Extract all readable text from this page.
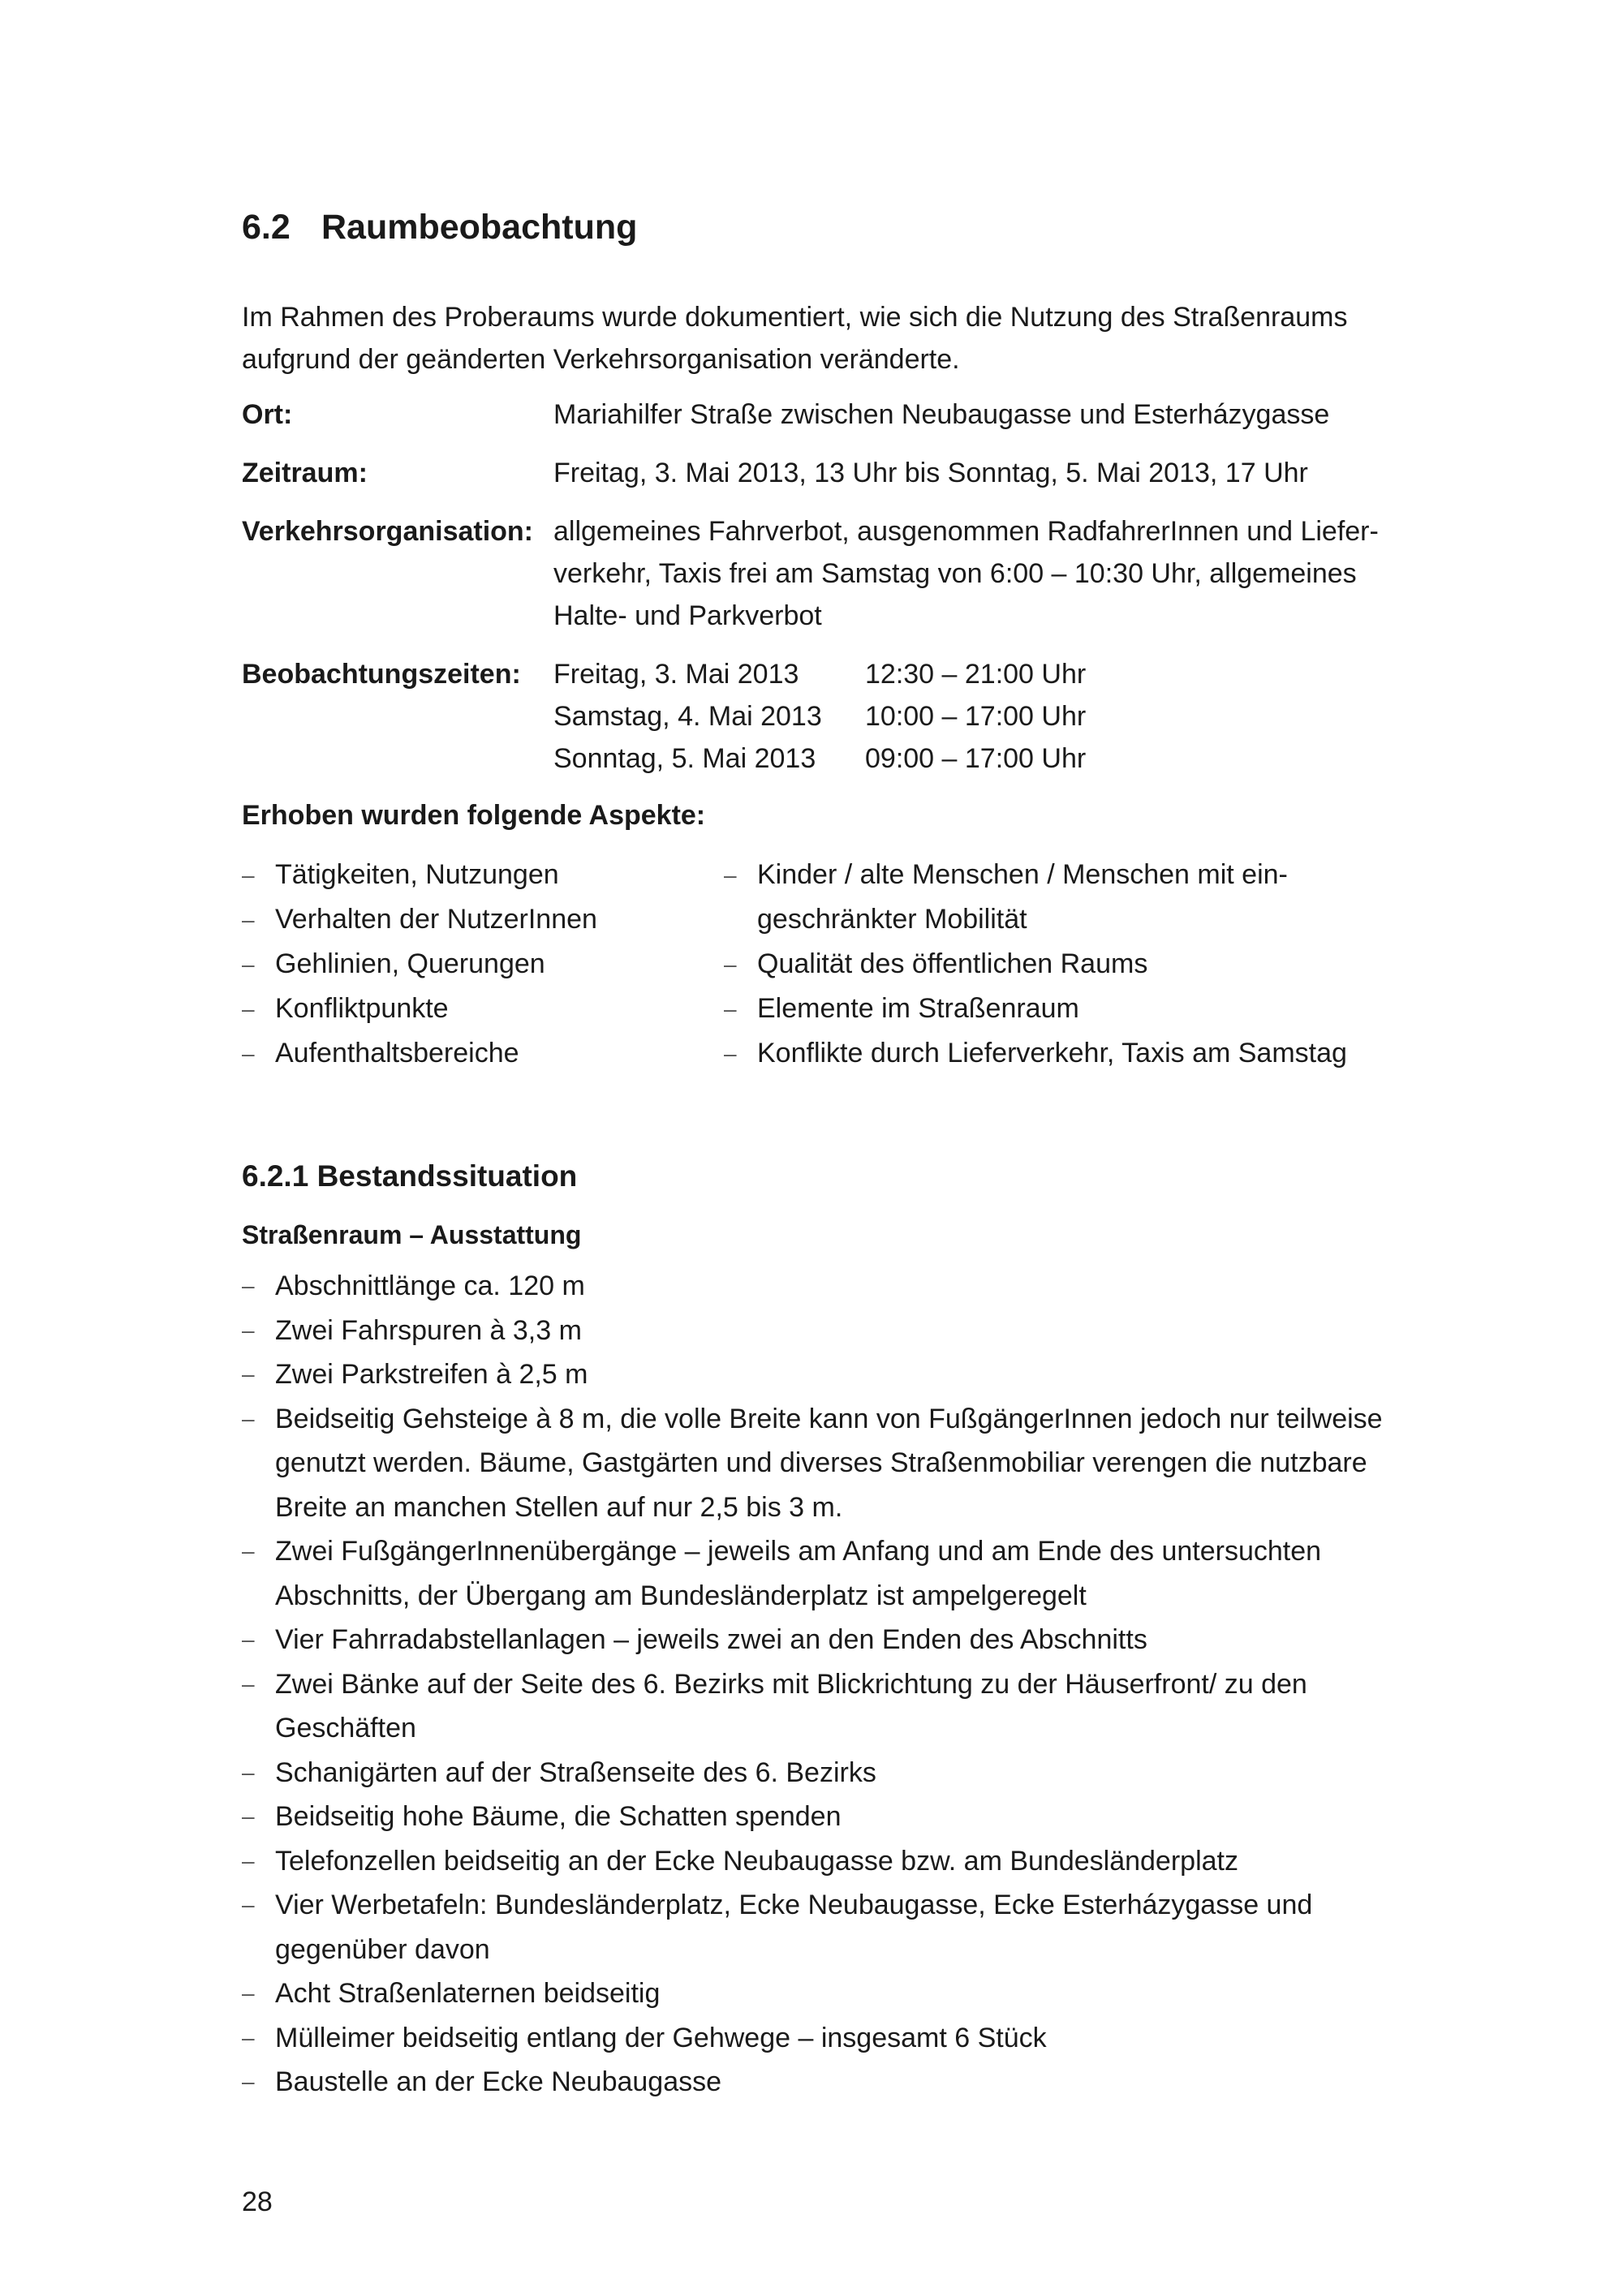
6.2 Raumbeobachtung
Im Rahmen des Proberaums wurde dokumentiert, wie sich die Nutzung des Straßenraums aufgrund der geänderten Verkehrsorganisation veränderte.
Ort:	Mariahilfer Straße zwischen Neubaugasse und Esterházygasse
Zeitraum:	Freitag, 3. Mai 2013, 13 Uhr bis Sonntag, 5. Mai 2013, 17 Uhr
Verkehrsorganisation: allgemeines Fahrverbot, ausgenommen RadfahrerInnen und Lieferverkehr, Taxis frei am Samstag von 6:00 – 10:30 Uhr, allgemeines Halte- und Parkverbot
Beobachtungszeiten:	Freitag, 3. Mai 2013	12:30 – 21:00 Uhr
Samstag, 4. Mai 2013	10:00 – 17:00 Uhr
Sonntag, 5. Mai 2013	09:00 – 17:00 Uhr
Erhoben wurden folgende Aspekte:
– Tätigkeiten, Nutzungen
– Verhalten der NutzerInnen
– Gehlinien, Querungen
– Konfliktpunkte
– Aufenthaltsbereiche
– Kinder / alte Menschen / Menschen mit eingeschränkter Mobilität
– Qualität des öffentlichen Raums
– Elemente im Straßenraum
– Konflikte durch Lieferverkehr, Taxis am Samstag
6.2.1 Bestandssituation
Straßenraum – Ausstattung
– Abschnittlänge ca. 120 m
– Zwei Fahrspuren à 3,3 m
– Zwei Parkstreifen à 2,5 m
– Beidseitig Gehsteige à 8 m, die volle Breite kann von FußgängerInnen jedoch nur teilweise genutzt werden. Bäume, Gastgärten und diverses Straßenmobiliar verengen die nutzbare Breite an manchen Stellen auf nur 2,5 bis 3 m.
– Zwei FußgängerInnenübergänge – jeweils am Anfang und am Ende des untersuchten Abschnitts, der Übergang am Bundesländerplatz ist ampelgeregelt
– Vier Fahrradabstellanlagen – jeweils zwei an den Enden des Abschnitts
– Zwei Bänke auf der Seite des 6. Bezirks mit Blickrichtung zu der Häuserfront/ zu den Geschäften
– Schanigärten auf der Straßenseite des 6. Bezirks
– Beidseitig hohe Bäume, die Schatten spenden
– Telefonzellen beidseitig an der Ecke Neubaugasse bzw. am Bundesländerplatz
– Vier Werbetafeln: Bundesländerplatz, Ecke Neubaugasse, Ecke Esterházygasse und gegenüber davon
– Acht Straßenlaternen beidseitig
– Mülleimer beidseitig entlang der Gehwege – insgesamt 6 Stück
– Baustelle an der Ecke Neubaugasse
28
